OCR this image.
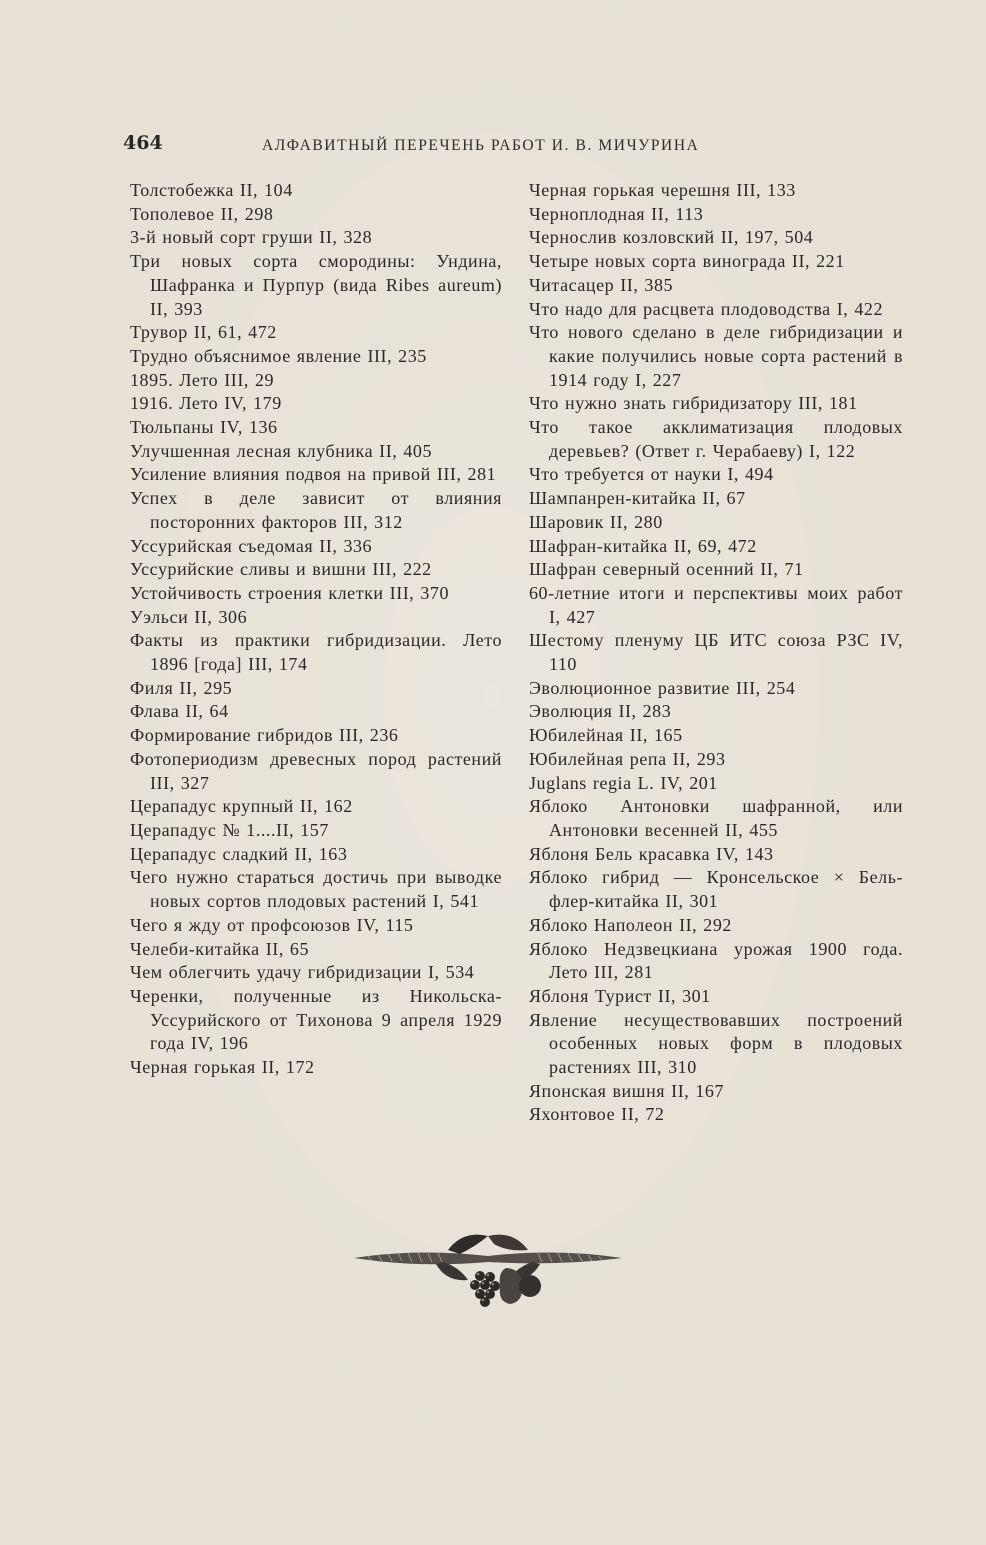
464	АЛФАВИТНЫЙ ПЕРЕЧЕНЬ РАБОТ И. В. МИЧУРИНА
Толстобежка II, 104
Тополевое II, 298
3-й новый сорт груши II, 328
Три новых сорта смородины: Ундина, Шафранка и Пурпур (вида Ribes aureum) II, 393
Трувор II, 61, 472
Трудно объяснимое явление III, 235
1895. Лето III, 29
1916. Лето IV, 179
Тюльпаны IV, 136
Улучшенная лесная клубника II, 405
Усиление влияния подвоя на привой III, 281
Успех в деле зависит от влияния посторонних факторов III, 312
Уссурийская съедомая II, 336
Уссурийские сливы и вишни III, 222
Устойчивость строения клетки III, 370
Уэльси II, 306
Факты из практики гибридизации. Лето 1896 [года] III, 174
Филя II, 295
Флава II, 64
Формирование гибридов III, 236
Фотопериодизм древесных пород растений III, 327
Церападус крупный II, 162
Церападус № 1....II, 157
Церападус сладкий II, 163
Чего нужно стараться достичь при выводке новых сортов плодовых растений I, 541
Чего я жду от профсоюзов IV, 115
Челеби-китайка II, 65
Чем облегчить удачу гибридизации I, 534
Черенки, полученные из Никольска-Уссурийского от Тихонова 9 апреля 1929 года IV, 196
Черная горькая II, 172
Черная горькая черешня III, 133
Черноплодная II, 113
Чернослив козловский II, 197, 504
Четыре новых сорта винограда II, 221
Читасацер II, 385
Что надо для расцвета плодоводства I, 422
Что нового сделано в деле гибридизации и какие получились новые сорта растений в 1914 году I, 227
Что нужно знать гибридизатору III, 181
Что такое акклиматизация плодовых деревьев? (Ответ г. Черабаеву) I, 122
Что требуется от науки I, 494
Шампанрен-китайка II, 67
Шаровик II, 280
Шафран-китайка II, 69, 472
Шафран северный осенний II, 71
60-летние итоги и перспективы моих работ I, 427
Шестому пленуму ЦБ ИТС союза РЗС IV, 110
Эволюционное развитие III, 254
Эволюция II, 283
Юбилейная II, 165
Юбилейная репа II, 293
Juglans regia L. IV, 201
Яблоко Антоновки шафранной, или Антоновки весенней II, 455
Яблоня Бель красавка IV, 143
Яблоко гибрид — Кронсельское × Бель-флер-китайка II, 301
Яблоко Наполеон II, 292
Яблоко Недзвецкиана урожая 1900 года. Лето III, 281
Яблоня Турист II, 301
Явление несуществовавших построений особенных новых форм в плодовых растениях III, 310
Японская вишня II, 167
Яхонтовое II, 72
